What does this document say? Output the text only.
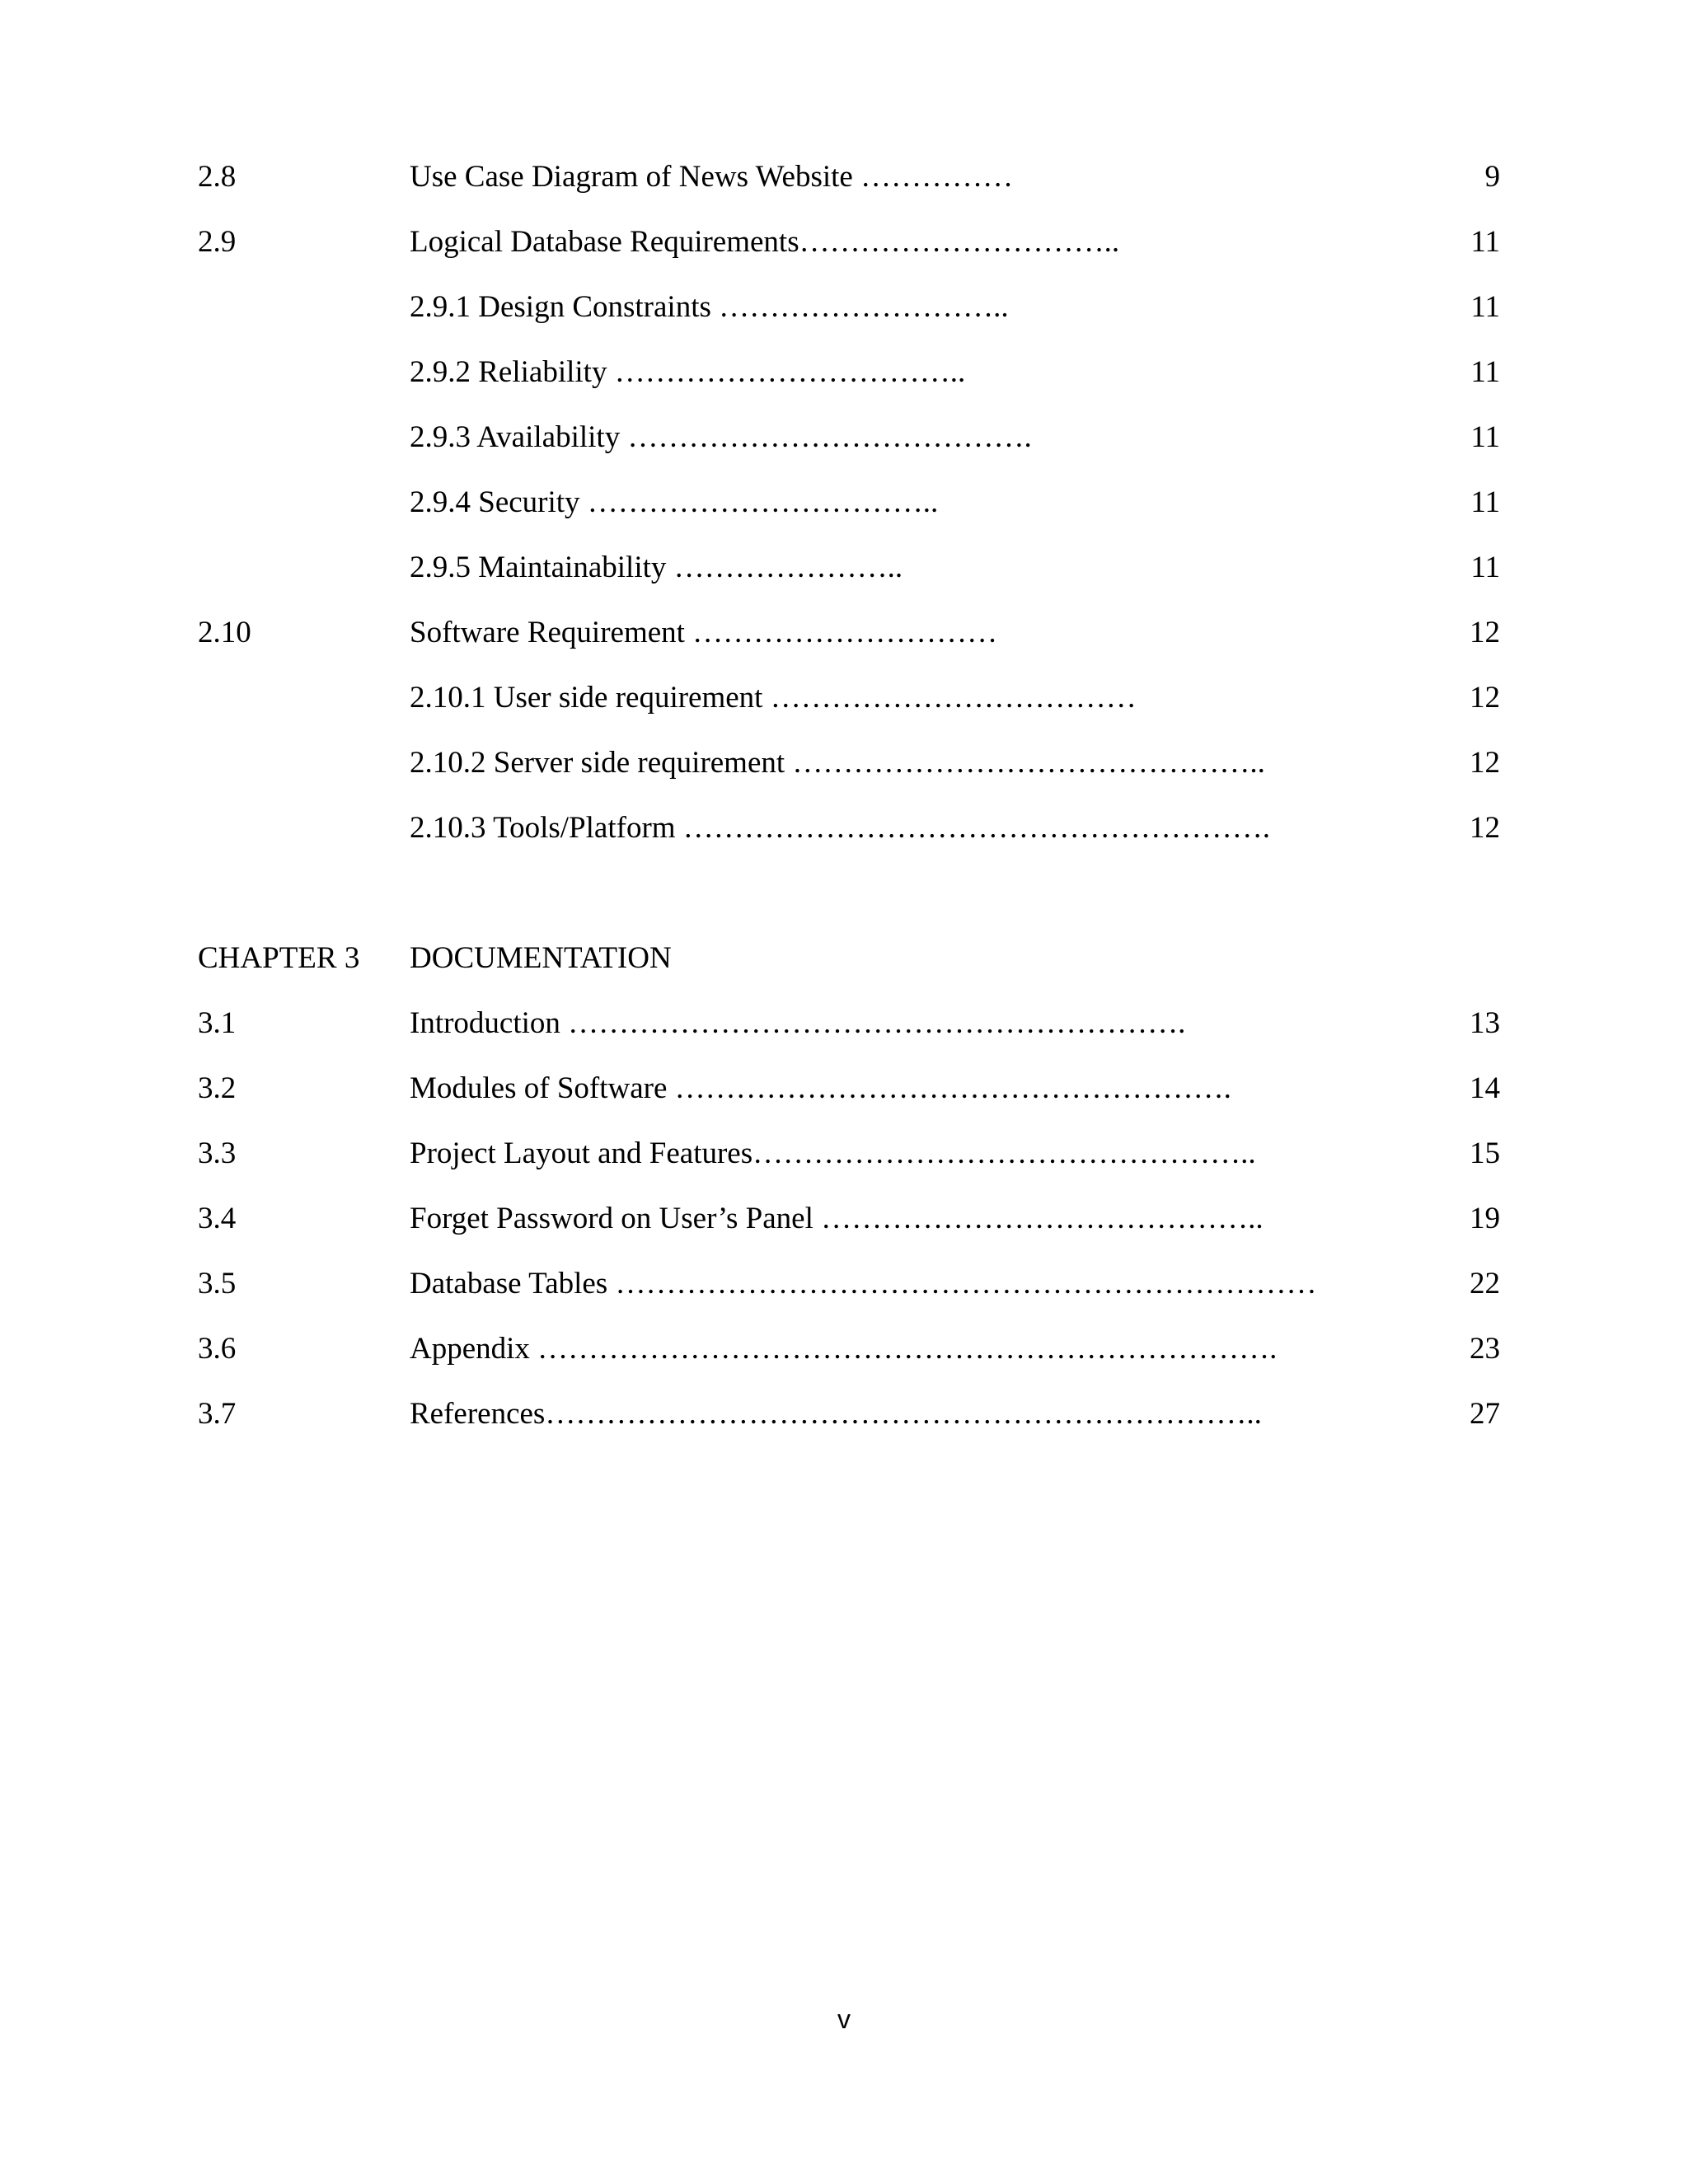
2.8	Use Case Diagram of News Website ……………	9
2.9	Logical Database Requirements…………………………..	11
2.9.1 Design Constraints ………………………..	11
2.9.2 Reliability ……………………………..	11
2.9.3 Availability ………………………………….	11
2.9.4 Security ……………………………..	11
2.9.5 Maintainability …………………..	11
2.10	Software Requirement …………………………	12
2.10.1 User side requirement ………………………………	12
2.10.2 Server side requirement ………………………………………..	12
2.10.3 Tools/Platform ………………………………………………….	12
CHAPTER 3 DOCUMENTATION
3.1	Introduction …………………………………………………….	13
3.2	Modules of Software ……………………………………………….	14
3.3	Project Layout and Features…………………………………………..	15
3.4	Forget Password on User’s Panel ……………………………………..	19
3.5	Database Tables ……………………………………………………………	22
3.6	Appendix ……………………………………………………………….	23
3.7	References……………………………………………………………..	27
v
